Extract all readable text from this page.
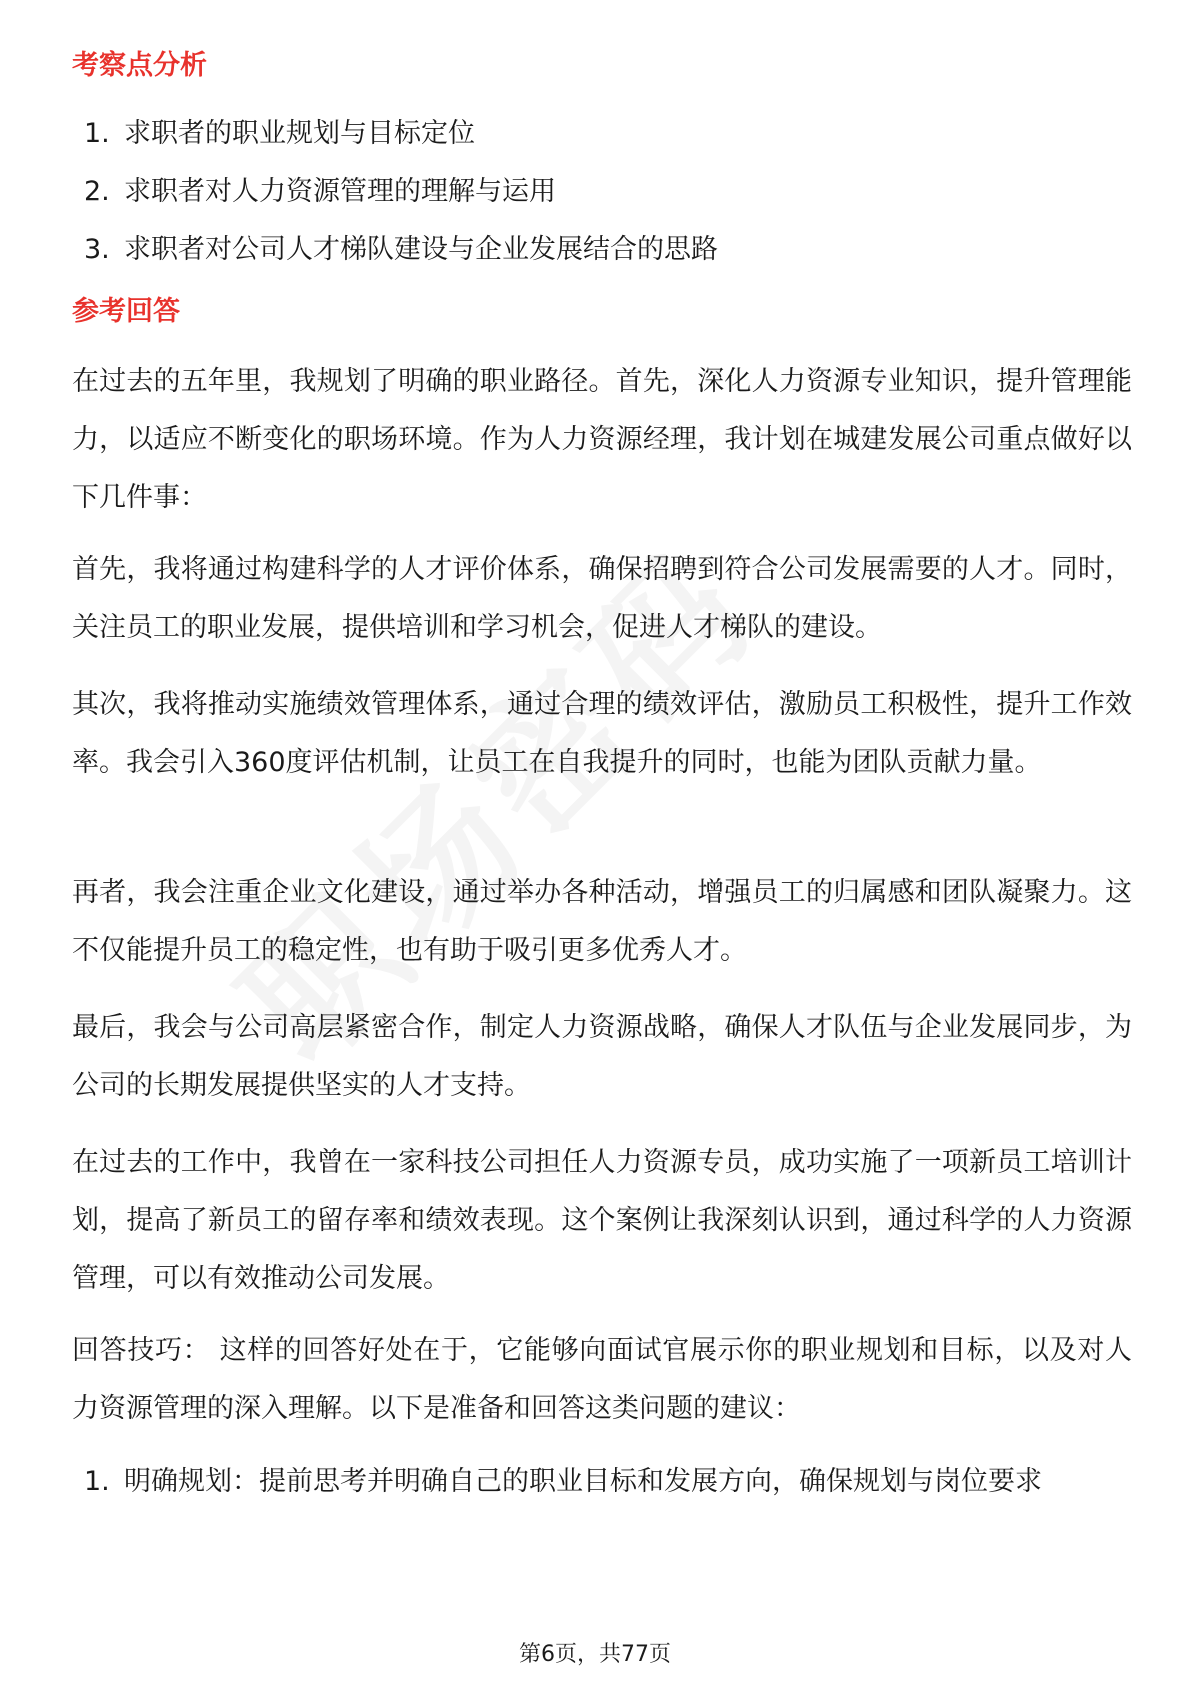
考察点分析
1. 求职者的职业规划与目标定位
2. 求职者对人力资源管理的理解与运用
3. 求职者对公司人才梯队建设与企业发展结合的思路
参考回答

在过去的五年里，我规划了明确的职业路径。首先，深化人力资源专业知识，提升管理能力，以适应不断变化的职场环境。作为人力资源经理，我计划在城建发展公司重点做好以下几件事：

首先，我将通过构建科学的人才评价体系，确保招聘到符合公司发展需要的人才。同时，关注员工的职业发展，提供培训和学习机会，促进人才梯队的建设。

其次，我将推动实施绩效管理体系，通过合理的绩效评估，激励员工积极性，提升工作效率。我会引入360度评估机制，让员工在自我提升的同时，也能为团队贡献力量。

再者，我会注重企业文化建设，通过举办各种活动，增强员工的归属感和团队凝聚力。这不仅能提升员工的稳定性，也有助于吸引更多优秀人才。

最后，我会与公司高层紧密合作，制定人力资源战略，确保人才队伍与企业发展同步，为公司的长期发展提供坚实的人才支持。

在过去的工作中，我曾在一家科技公司担任人力资源专员，成功实施了一项新员工培训计划，提高了新员工的留存率和绩效表现。这个案例让我深刻认识到，通过科学的人力资源管理，可以有效推动公司发展。

回答技巧： 这样的回答好处在于，它能够向面试官展示你的职业规划和目标，以及对人力资源管理的深入理解。以下是准备和回答这类问题的建议：

1. 明确规划：提前思考并明确自己的职业目标和发展方向，确保规划与岗位要求
第6页，共77页
